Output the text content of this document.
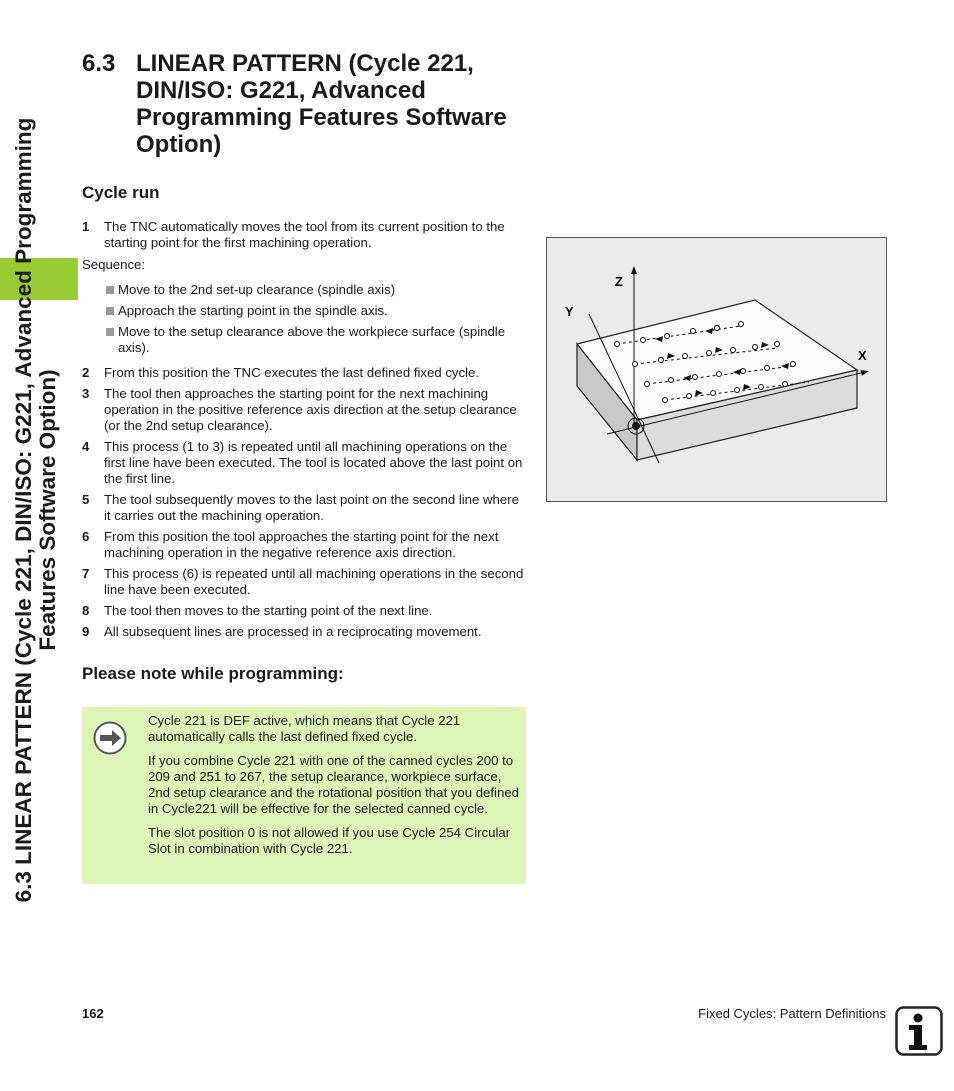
6.3 LINEAR PATTERN (Cycle 221, DIN/ISO: G221, Advanced Programming Features Software Option)
6.3 LINEAR PATTERN (Cycle 221, DIN/ISO: G221, Advanced Programming Features Software Option)
Cycle run
1 The TNC automatically moves the tool from its current position to the starting point for the first machining operation.
Sequence:
Move to the 2nd set-up clearance (spindle axis)
Approach the starting point in the spindle axis.
Move to the setup clearance above the workpiece surface (spindle axis).
2 From this position the TNC executes the last defined fixed cycle.
3 The tool then approaches the starting point for the next machining operation in the positive reference axis direction at the setup clearance (or the 2nd setup clearance).
4 This process (1 to 3) is repeated until all machining operations on the first line have been executed. The tool is located above the last point on the first line.
5 The tool subsequently moves to the last point on the second line where it carries out the machining operation.
6 From this position the tool approaches the starting point for the next machining operation in the negative reference axis direction.
7 This process (6) is repeated until all machining operations in the second line have been executed.
8 The tool then moves to the starting point of the next line.
9 All subsequent lines are processed in a reciprocating movement.
Z
Y
X
Please note while programming:

Cycle 221 is DEF active, which means that Cycle 221 automatically calls the last defined fixed cycle.

If you combine Cycle 221 with one of the canned cycles 200 to 209 and 251 to 267, the setup clearance, workpiece surface, 2nd setup clearance and the rotational position that you defined in Cycle221 will be effective for the selected canned cycle.

The slot position 0 is not allowed if you use Cycle 254 Circular Slot in combination with Cycle 221.

162	Fixed Cycles: Pattern Definitions
